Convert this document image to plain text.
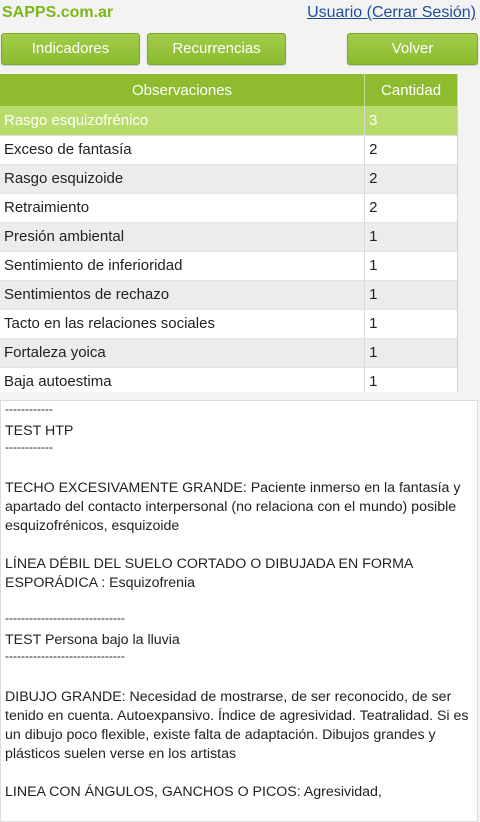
SAPPS.com.ar	Usuario (Cerrar Sesión)
Indicadores	Recurrencias	Volver
Observaciones	Cantidad
Rasgo esquizofrénico	3
Exceso de fantasía	2
Rasgo esquizoide	2
Retraimiento	2
Presión ambiental	1
Sentimiento de inferioridad	1
Sentimientos de rechazo	1
Tacto en las relaciones sociales	1
Fortaleza yoica	1
Baja autoestima	1

------------

TEST HTP

------------

TECHO EXCESIVAMENTE GRANDE: Paciente inmerso en la fantasía y apartado del contacto interpersonal (no relaciona con el mundo) posible esquizofrénicos, esquizoide

LÍNEA DÉBIL DEL SUELO CORTADO O DIBUJADA EN FORMA ESPORÁDICA : Esquizofrenia

------------------------------

TEST Persona bajo la lluvia

------------------------------

DIBUJO GRANDE: Necesidad de mostrarse, de ser reconocido, de ser tenido en cuenta. Autoexpansivo. Índice de agresividad. Teatralidad. Si es un dibujo poco flexible, existe falta de adaptación. Dibujos grandes y plásticos suelen verse en los artistas

LINEA CON ÁNGULOS, GANCHOS O PICOS: Agresividad,
